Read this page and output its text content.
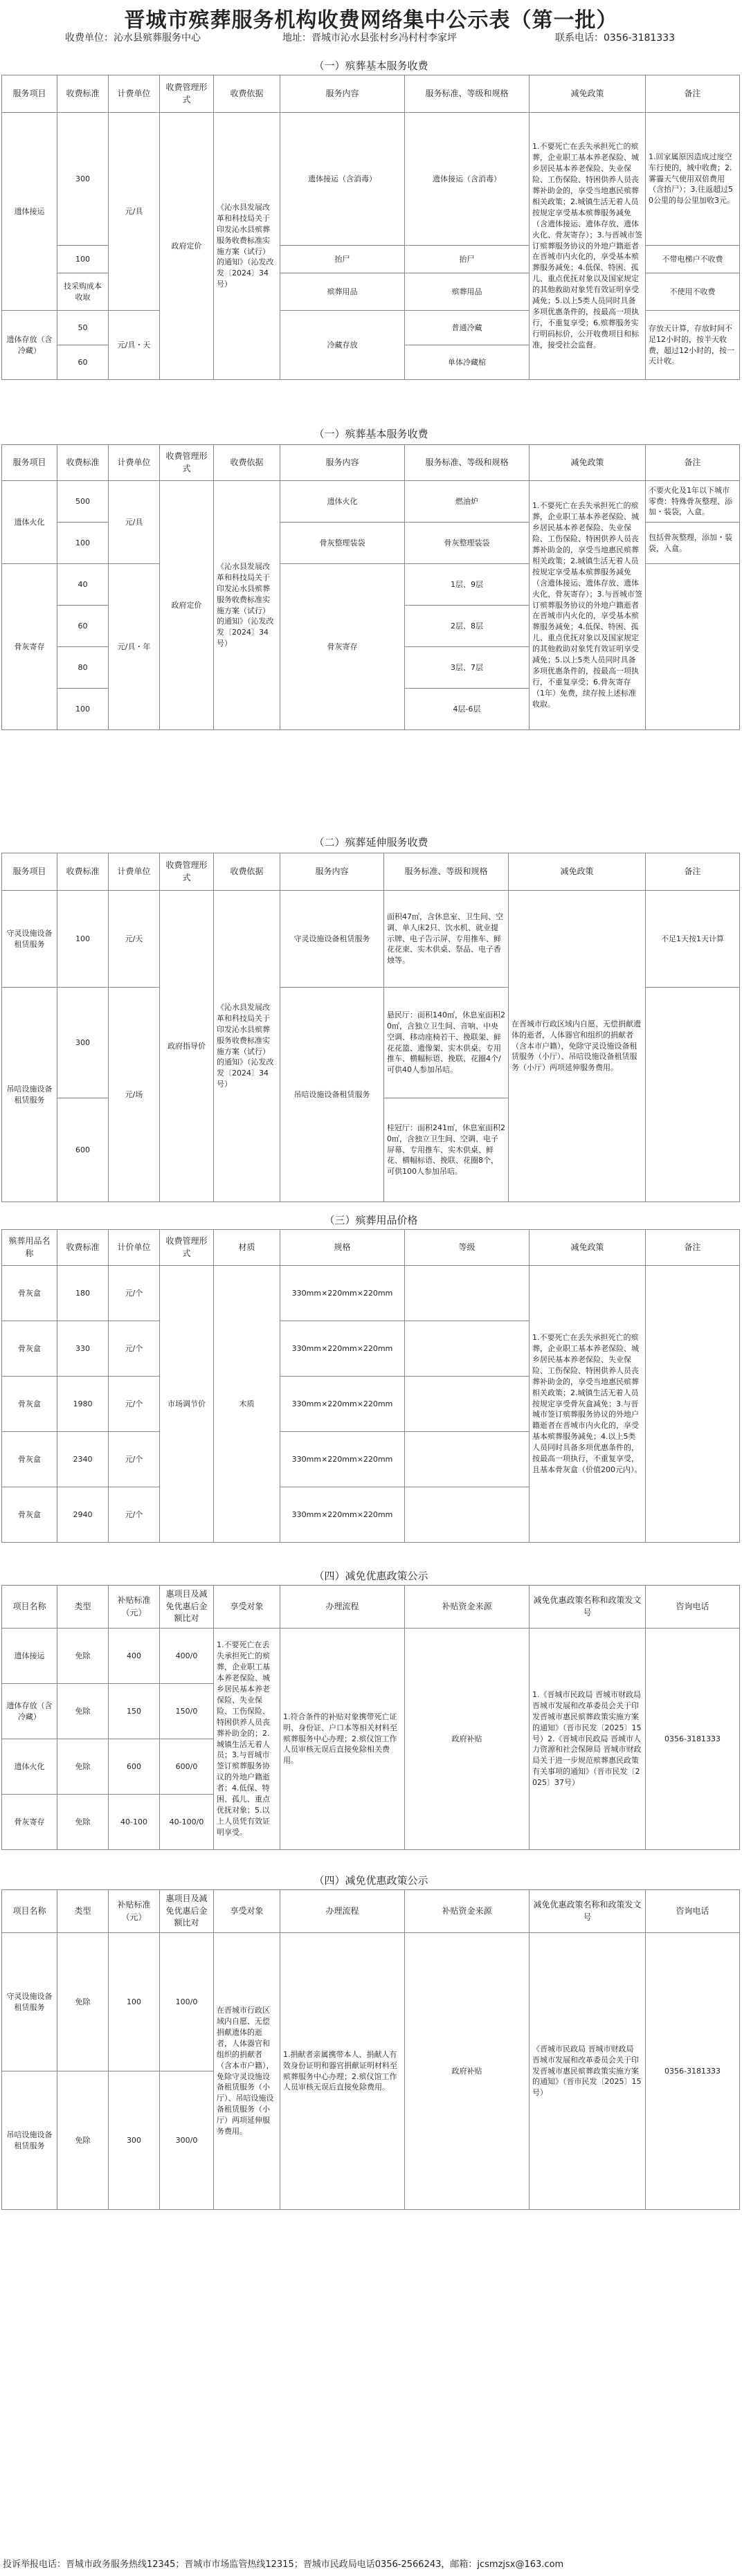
晋城市殡葬服务机构收费网络集中公示表（第一批）
收费单位：沁水县殡葬服务中心	地址：晋城市沁水县张村乡冯村村李家坪	联系电话：0356-3181333
（一）殡葬基本服务收费
服务项目	收费标准	计费单位	收费管理形式	收费依据	服务内容	服务标准、等级和规格	减免政策	备注
遗体接运	300	元/具	政府定价	《沁水县发展改革和科技局关于印发沁水县殡葬服务收费标准实施方案（试行）的通知》（沁发改发〔2024〕34号）	遗体接运（含消毒）	遗体接运（含消毒）	1.不要死亡在丢失承担死亡的殡葬，企业职工基本养老保险、城乡居民基本养老保险、失业保险、工伤保险、特困供养人员丧葬补助金的，享受当地惠民殡葬相关政策；2.城镇生活无着人员按规定享受基本殡葬服务减免（含遗体接运、遗体存放、遗体火化、骨灰寄存）；3.与晋城市签订殡葬服务协议的外地户籍逝者在晋城市内火化的，享受基本殡葬服务减免；4.低保、特困、孤儿、重点优抚对象以及国家规定的其他救助对象凭有效证明享受减免；5.以上5类人员同时具备多项优惠条件的，按最高一项执行，不重复享受；6.殡葬服务实行明码标价，公开收费项目和标准，接受社会监督。	1.回家属原因造成过度空车行使的，城中收费；2.雾霾天气使用双倍费用（含抬尸）；3.往返超过50公里的每公里加收3元。
	100				抬尸	抬尸		不带电梯户不收费
	技采购成本收取				殡葬用品	殡葬用品		不使用不收费
遗体存放（含冷藏）	50	元/具・天			冷藏存放	普通冷藏		存放天计算，存放时间不足12小时的，按半天收费，超过12小时的，按一天计收。
	60					单体冷藏棺		
（一）殡葬基本服务收费
服务项目	收费标准	计费单位	收费管理形式	收费依据	服务内容	服务标准、等级和规格	减免政策	备注
遗体火化	500	元/具	政府定价	《沁水县发展改革和科技局关于印发沁水县殡葬服务收费标准实施方案（试行）的通知》（沁发改发〔2024〕34号）	遗体火化	燃油炉	1.不要死亡在丢失承担死亡的殡葬，企业职工基本养老保险、城乡居民基本养老保险、失业保险、工伤保险、特困供养人员丧葬补助金的，享受当地惠民殡葬相关政策；2.城镇生活无着人员按规定享受基本殡葬服务减免（含遗体接运、遗体存放、遗体火化、骨灰寄存）；3.与晋城市签订殡葬服务协议的外地户籍逝者在晋城市内火化的，享受基本殡葬服务减免；4.低保、特困、孤儿、重点优抚对象以及国家规定的其他救助对象凭有效证明享受减免；5.以上5类人员同时具备多项优惠条件的，按最高一项执行，不重复享受；6.骨灰寄存（1年）免费，续存按上述标准收取。	不要火化及1年以下城市零费：特殊骨灰整理、添加・装袋，入盒。
	100				骨灰整理装袋	骨灰整理装袋		包括骨灰整理，添加・装袋，入盒。
骨灰寄存	40	元/具・年			骨灰寄存	1层、9层		
	60					2层、8层		
	80					3层、7层		
	100					4层-6层		
（二）殡葬延伸服务收费
服务项目	收费标准	计费单位	收费管理形式	收费依据	服务内容	服务标准、等级和规格	减免政策	备注
守灵设施设备租赁服务	100	元/天	政府指导价	《沁水县发展改革和科技局关于印发沁水县殡葬服务收费标准实施方案（试行）的通知》（沁发改发〔2024〕34号）	守灵设施设备租赁服务	面积47㎡，含休息室、卫生间、空调、单人床2只、饮水机、就业提示牌、电子告示屏、专用推车、鲜花花束、实木供桌、祭品、电子香烛等。	在晋城市行政区域内自愿、无偿捐献遗体的逝者，人体器官和组织的捐献者（含本市户籍），免除守灵设施设备租赁服务（小厅）、吊唁设施设备租赁服务（小厅）两项延伸服务费用。	不足1天按1天计算
吊唁设施设备租赁服务	300	元/场			吊唁设施设备租赁服务	悬民厅：面积140㎡，休息室面积20㎡，含独立卫生间、音响、中央空调、移动座椅若干、挽联架、鲜花花篮、遗像架、实木供桌、专用推车、横幅标语、挽联、花圈4个/可供40人参加吊唁。		
	600					桂冠厅：面积241㎡，休息室面积20㎡，含独立卫生间、空调、电子屏幕、专用推车、实木供桌、鲜花、横幅标语、挽联、花圈8个，可供100人参加吊唁。		
（三）殡葬用品价格
殡葬用品名称	收费标准	计价单位	收费管理形式	材质	规格	等级	减免政策	备注
骨灰盒	180	元/个	市场调节价	木质	330mm×220mm×220mm		1.不要死亡在丢失承担死亡的殡葬，企业职工基本养老保险、城乡居民基本养老保险、失业保险、工伤保险、特困供养人员丧葬补助金的，享受当地惠民殡葬相关政策；2.城镇生活无着人员按规定享受骨灰盒减免；3.与晋城市签订殡葬服务协议的外地户籍逝者在晋城市内火化的，享受基本殡葬服务减免；4.以上5类人员同时具备多项优惠条件的，按最高一项执行，不重复享受，且基本骨灰盒（价值200元内）。	
骨灰盒	330	元/个			330mm×220mm×220mm			
骨灰盒	1980	元/个			330mm×220mm×220mm			
骨灰盒	2340	元/个			330mm×220mm×220mm			
骨灰盒	2940	元/个			330mm×220mm×220mm			
（四）减免优惠政策公示
项目名称	类型	补贴标准（元）	惠项目及减免优惠后金额比对	享受对象	办理流程	补贴资金来源	减免优惠政策名称和政策发文号	咨询电话
遗体接运	免除	400	400/0	1.不要死亡在丢失承担死亡的殡葬，企业职工基本养老保险、城乡居民基本养老保险、失业保险、工伤保险、特困供养人员丧葬补助金的；2.城镇生活无着人员；3.与晋城市签订殡葬服务协议的外地户籍逝者；4.低保、特困、孤儿、重点优抚对象；5.以上人员凭有效证明享受。	1.符合条件的补贴对象携带死亡证明、身份证、户口本等相关材料至殡葬服务中心办理；2.殡仪馆工作人员审核无误后直接免除相关费用。	政府补贴	1.《晋城市民政局 晋城市财政局 晋城市发展和改革委员会关于印发晋城市惠民殡葬政策实施方案的通知》（晋市民发〔2025〕15号）2.《晋城市民政局 晋城市人力资源和社会保障局 晋城市财政局关于进一步规范殡葬惠民政策有关事项的通知》（晋市民发〔2025〕37号）	0356-3181333
遗体存放（含冷藏）	免除	150	150/0					
遗体火化	免除	600	600/0					
骨灰寄存	免除	40-100	40-100/0					
（四）减免优惠政策公示
项目名称	类型	补贴标准（元）	惠项目及减免优惠后金额比对	享受对象	办理流程	补贴资金来源	减免优惠政策名称和政策发文号	咨询电话
守灵设施设备租赁服务	免除	100	100/0	在晋城市行政区域内自愿、无偿捐献遗体的逝者，人体器官和组织的捐献者（含本市户籍），免除守灵设施设备租赁服务（小厅）、吊唁设施设备租赁服务（小厅）两项延伸服务费用。	1.捐献者亲属携带本人、捐献人有效身份证明和器官捐献证明材料至殡葬服务中心办理；2.殡仪馆工作人员审核无误后直接免除费用。	政府补贴	《晋城市民政局 晋城市财政局 晋城市发展和改革委员会关于印发晋城市惠民殡葬政策实施方案的通知》（晋市民发〔2025〕15号）	0356-3181333
吊唁设施设备租赁服务	免除	300	300/0					
投诉举报电话：晋城市政务服务热线12345；晋城市市场监管热线12315；晋城市民政局电话0356-2566243，邮箱：jcsmzjsx@163.com
